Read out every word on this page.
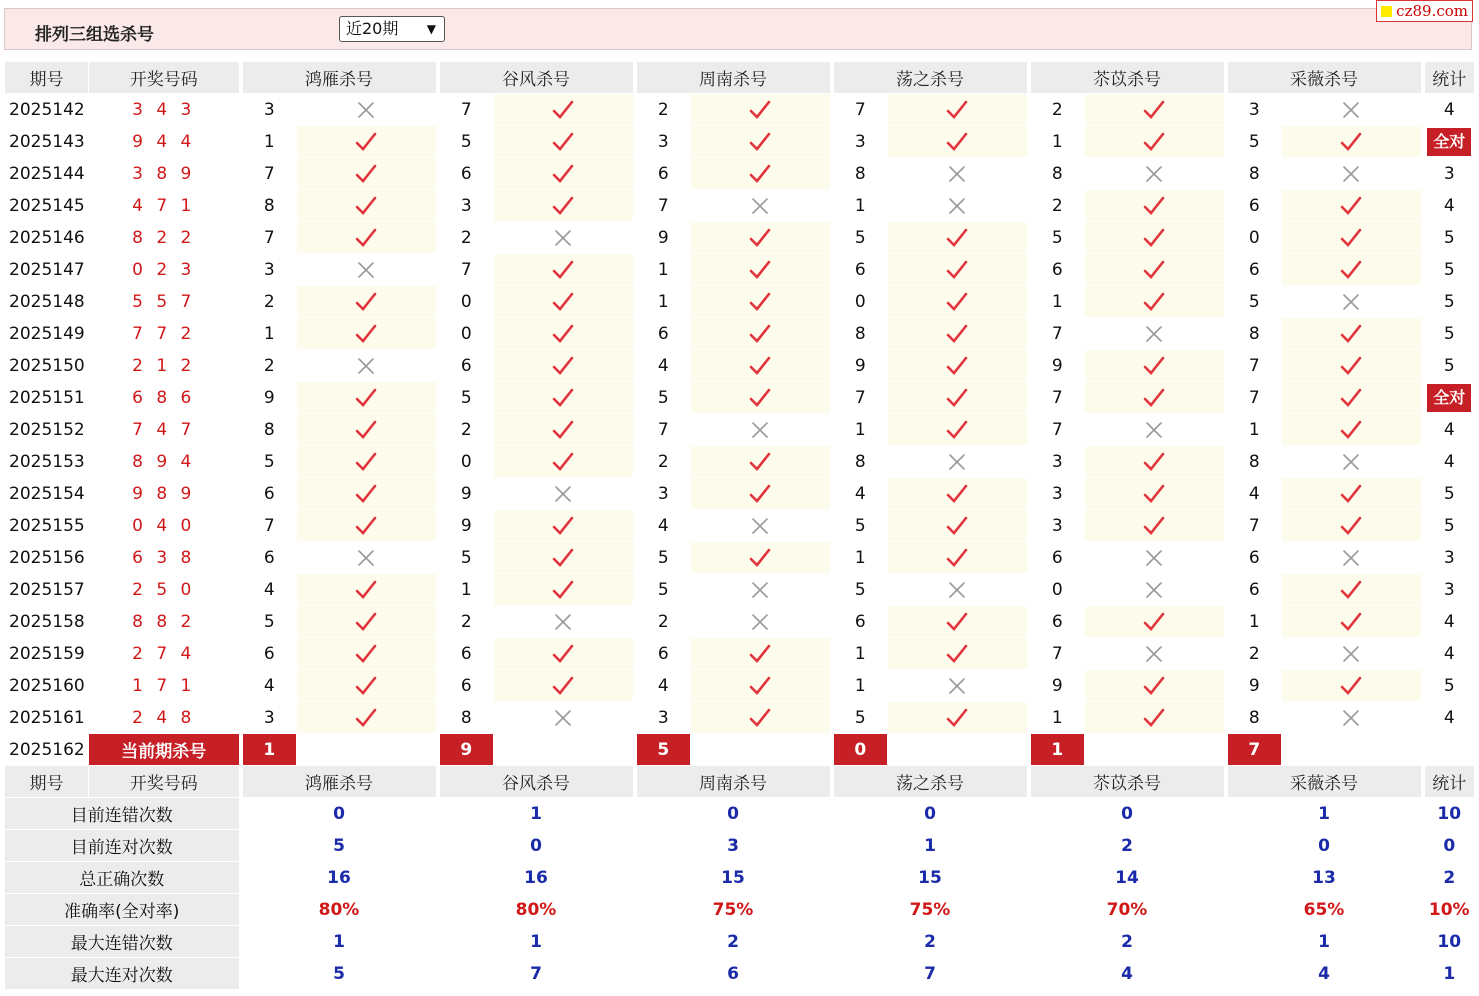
排列三组选杀号	近20期 ▼
cz89.com
期号	开奖号码	鸿雁杀号		谷风杀号		周南杀号		荡之杀号		苶苡杀号		采薇杀号		统计
2025142	3 4 3	3		7		2		7		2		3		4
2025143	9 4 4	1		5		3		3		1		5		全对
2025144	3 8 9	7		6		6		8		8		8		3
2025145	4 7 1	8		3		7		1		2		6		4
2025146	8 2 2	7		2		9		5		5		0		5
2025147	0 2 3	3		7		1		6		6		6		5
2025148	5 5 7	2		0		1		0		1		5		5
2025149	7 7 2	1		0		6		8		7		8		5
2025150	2 1 2	2		6		4		9		9		7		5
2025151	6 8 6	9		5		5		7		7		7		全对
2025152	7 4 7	8		2		7		1		7		1		4
2025153	8 9 4	5		0		2		8		3		8		4
2025154	9 8 9	6		9		3		4		3		4		5
2025155	0 4 0	7		9		4		5		3		7		5
2025156	6 3 8	6		5		5		1		6		6		3
2025157	2 5 0	4		1		5		5		0		6		3
2025158	8 8 2	5		2		2		6		6		1		4
2025159	2 7 4	6		6		6		1		7		2		4
2025160	1 7 1	4		6		4		1		9		9		5
2025161	2 4 8	3		8		3		5		1		8		4
2025162	当前期杀号	1		9		5		0		1		7		
期号	开奖号码	鸿雁杀号		谷风杀号		周南杀号		荡之杀号		苶苡杀号		采薇杀号		统计
目前连错次数		0		1		0		0		0		1		10
目前连对次数		5		0		3		1		2		0		0
总正确次数		16		16		15		15		14		13		2
准确率(全对率)		80%		80%		75%		75%		70%		65%		10%
最大连错次数		1		1		2		2		2		1		10
最大连对次数		5		7		6		7		4		4		1
